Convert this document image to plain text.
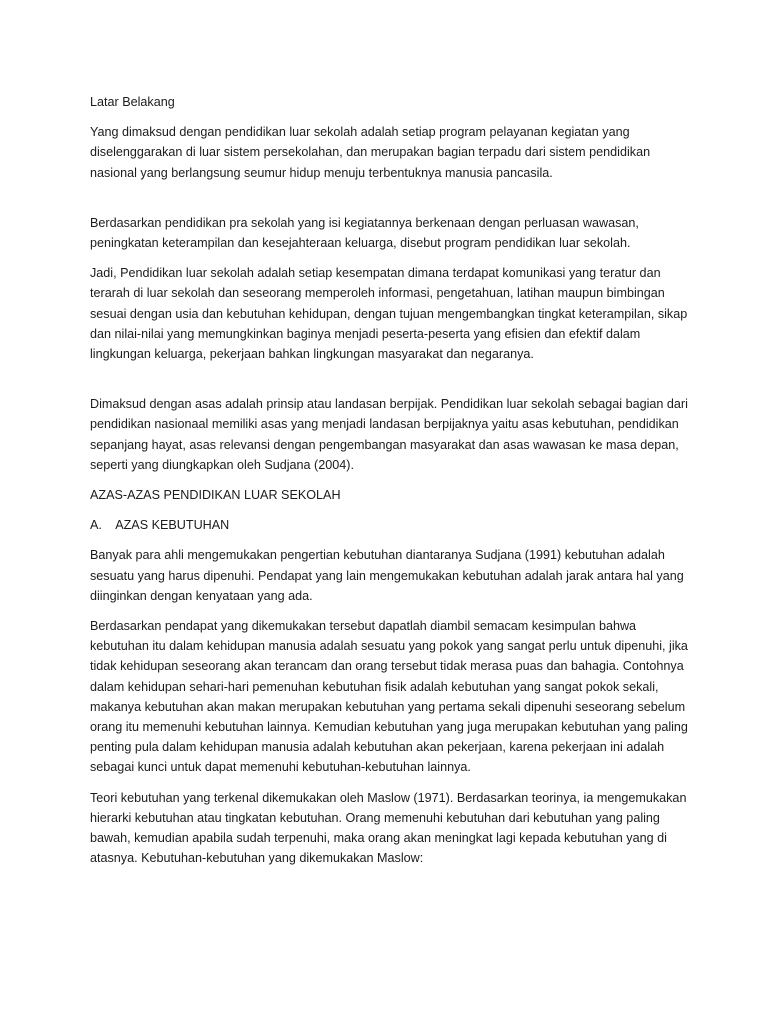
Latar Belakang

Yang dimaksud dengan pendidikan luar sekolah adalah setiap program pelayanan kegiatan yang diselenggarakan di luar sistem persekolahan, dan merupakan bagian terpadu dari sistem pendidikan nasional yang berlangsung seumur hidup menuju terbentuknya manusia pancasila.

Berdasarkan pendidikan pra sekolah yang isi kegiatannya berkenaan dengan perluasan wawasan, peningkatan keterampilan dan kesejahteraan keluarga, disebut program pendidikan luar sekolah.

Jadi, Pendidikan luar sekolah adalah setiap kesempatan dimana terdapat komunikasi yang teratur dan terarah di luar sekolah dan seseorang memperoleh informasi, pengetahuan, latihan maupun bimbingan sesuai dengan usia dan kebutuhan kehidupan, dengan tujuan mengembangkan tingkat keterampilan, sikap dan nilai-nilai yang memungkinkan baginya menjadi peserta-peserta yang efisien dan efektif dalam lingkungan keluarga, pekerjaan bahkan lingkungan masyarakat dan negaranya.

Dimaksud dengan asas adalah prinsip atau landasan berpijak. Pendidikan luar sekolah sebagai bagian dari pendidikan nasionaal memiliki asas yang menjadi landasan berpijaknya yaitu asas kebutuhan, pendidikan sepanjang hayat, asas relevansi dengan pengembangan masyarakat dan asas wawasan ke masa depan, seperti yang diungkapkan oleh Sudjana (2004).

AZAS-AZAS PENDIDIKAN LUAR SEKOLAH

A.    AZAS KEBUTUHAN

Banyak para ahli mengemukakan pengertian kebutuhan diantaranya Sudjana (1991) kebutuhan adalah sesuatu yang harus dipenuhi. Pendapat yang lain mengemukakan kebutuhan adalah jarak antara hal yang diinginkan dengan kenyataan yang ada.

Berdasarkan pendapat yang dikemukakan tersebut dapatlah diambil semacam kesimpulan bahwa kebutuhan itu dalam kehidupan manusia adalah sesuatu yang pokok yang sangat perlu untuk dipenuhi, jika tidak kehidupan seseorang akan terancam dan orang tersebut tidak merasa puas dan bahagia. Contohnya dalam kehidupan sehari-hari pemenuhan kebutuhan fisik adalah kebutuhan yang sangat pokok sekali, makanya kebutuhan akan makan merupakan kebutuhan yang pertama sekali dipenuhi seseorang sebelum orang itu memenuhi kebutuhan lainnya. Kemudian kebutuhan yang juga merupakan kebutuhan yang paling penting pula dalam kehidupan manusia adalah kebutuhan akan pekerjaan, karena pekerjaan ini adalah sebagai kunci untuk dapat memenuhi kebutuhan-kebutuhan lainnya.

Teori kebutuhan yang terkenal dikemukakan oleh Maslow (1971). Berdasarkan teorinya, ia mengemukakan hierarki kebutuhan atau tingkatan kebutuhan. Orang memenuhi kebutuhan dari kebutuhan yang paling bawah, kemudian apabila sudah terpenuhi, maka orang akan meningkat lagi kepada kebutuhan yang di atasnya. Kebutuhan-kebutuhan yang dikemukakan Maslow:
